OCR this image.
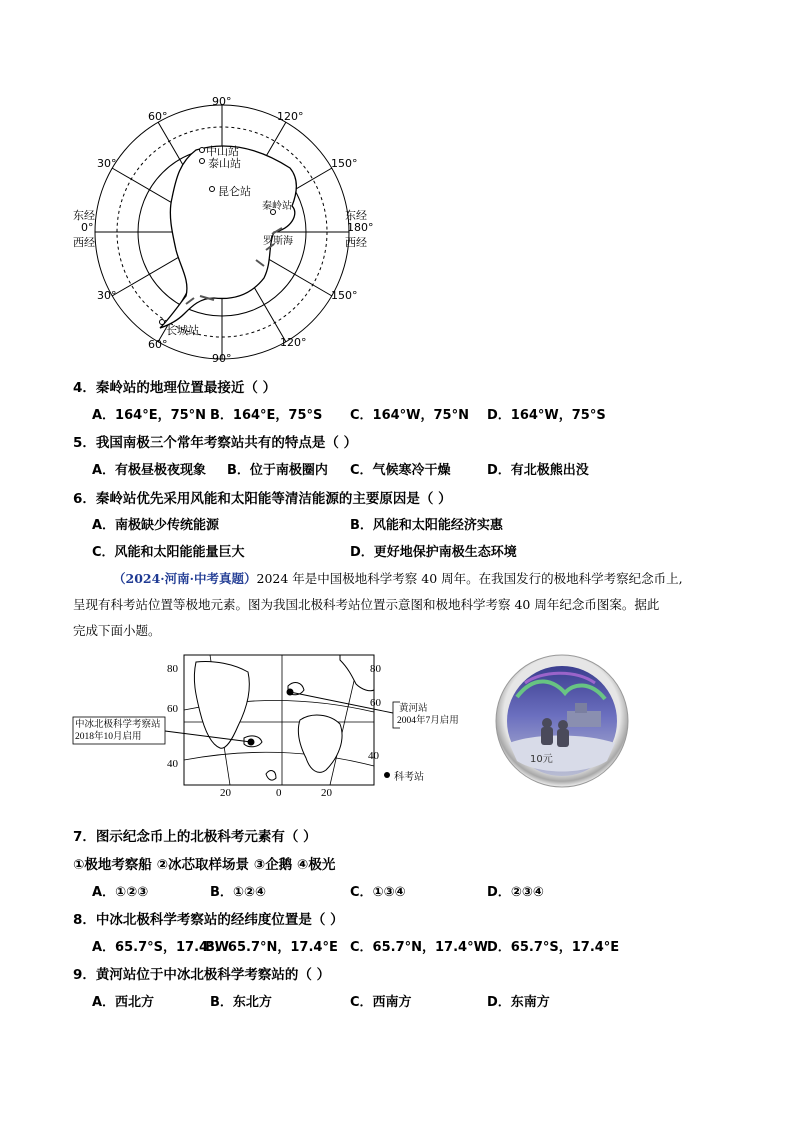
90°
60°	120°
30°	150°
东经
0°
西经
东经
180°
西经
30°	150°
60°
90°
120°
中山站
泰山站
昆仑站
秦岭站
长城站
罗斯海
4．秦岭站的地理位置最接近（ ）
A．164°E，75°N B．164°E，75°S C．164°W，75°N D．164°W，75°S
5．我国南极三个常年考察站共有的特点是（ ）
A．有极昼极夜现象 B．位于南极圈内 C．气候寒冷干燥	D．有北极熊出没
6．秦岭站优先采用风能和太阳能等清洁能源的主要原因是（ ）
A．南极缺少传统能源	B．风能和太阳能经济实惠
C．风能和太阳能能量巨大	D．更好地保护南极生态环境
（2024·河南·中考真题）2024 年是中国极地科学考察 40 周年。在我国发行的极地科学考察纪念币上,
呈现有科考站位置等极地元素。图为我国北极科考站位置示意图和极地科学考察 40 周年纪念币图案。据此
完成下面小题。
80
60
40
80
60
40
20	0	20
中冰北极科学考察站
2018年10月启用
黄河站
2004年7月启用
科考站
10元
7．图示纪念币上的北极科考元素有（ ）
①极地考察船 ②冰芯取样场景 ③企鹅 ④极光
A．①②③	B．①②④	C．①③④	D．②③④
8．中冰北极科学考察站的经纬度位置是（ ）
A．65.7°S，17.4°W
B．65.7°N，17.4°E C．65.7°N，17.4°W D．65.7°S，17.4°E
9．黄河站位于中冰北极科学考察站的（ ）
A．西北方	B．东北方	C．西南方	D．东南方
